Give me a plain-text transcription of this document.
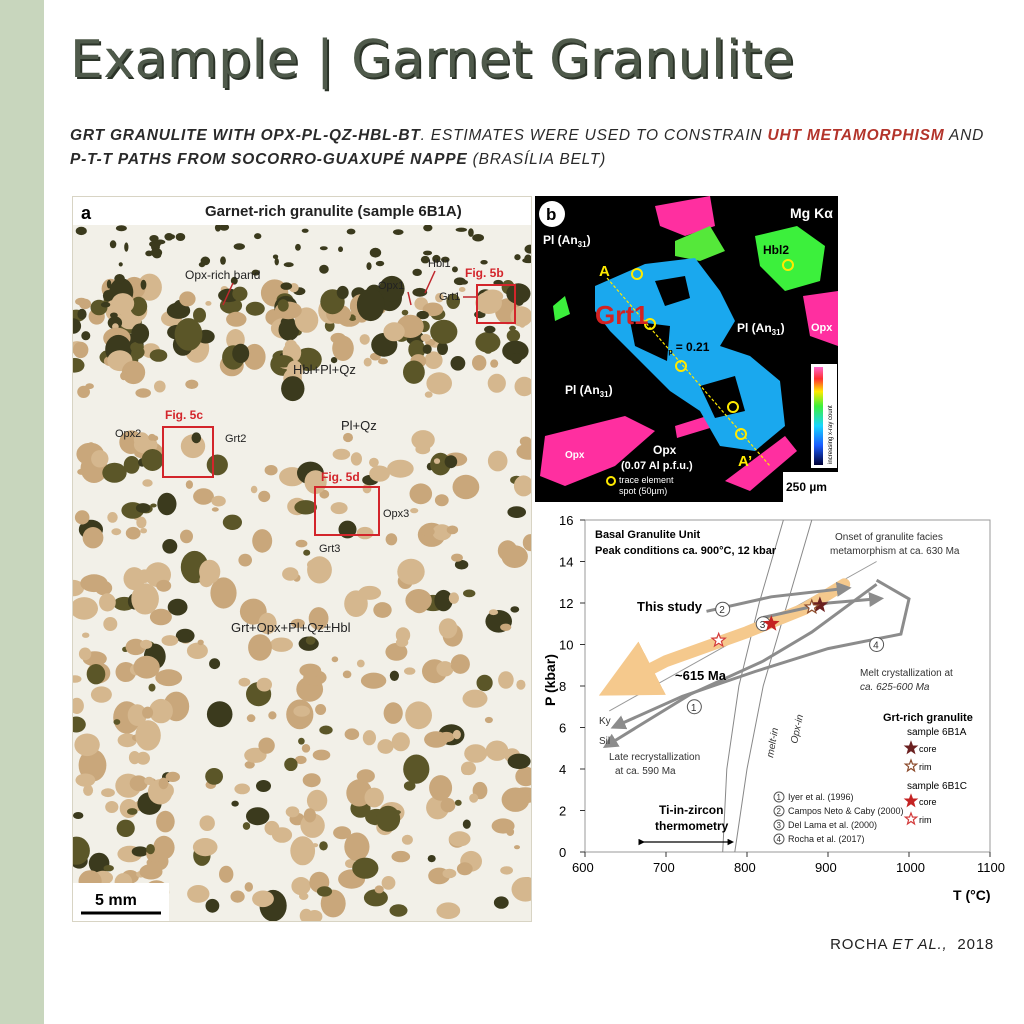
Example | Garnet Granulite
GRT GRANULITE WITH OPX-PL-QZ-HBL-BT. ESTIMATES WERE USED TO CONSTRAIN UHT METAMORPHISM AND P-T-T PATHS FROM SOCORRO-GUAXUPÉ NAPPE (BRASÍLIA BELT)
a	Garnet-rich granulite (sample 6B1A)
Opx-rich band
Hbl1
Opx1
Grt1
Fig. 5b
Hbl+Pl+Qz
Pl+Qz
Fig. 5c
Opx2	Grt2
Fig. 5d
Opx3
Grt3
Grt+Opx+Pl+Qz±Hbl
5 mm
b	Mg Kα
Grt1
Pl $(An_{31})$
Pl $(An_{31})$
Pl $(An_{31})$
Hbl2
Opx
Opx	Opx
A
A’
$X_{Prp} = 0.21$
(0.07 Al p.f.u.)
trace element
spot (50µm)	250 µm
increasing x-ray count
600	700	800	900	1000	1100
0
2
4
6
8
10
12
14
16
1
2
3
4
P (kbar)
T (°C)
Basal Granulite Unit
Peak conditions ca. 900°C, 12 kbar
Onset of granulite facies
metamorphism at ca. 630 Ma
This study
~615 Ma	Melt crystallization at
ca. 625-600 Ma
Late recrystallization
at ca. 590 Ma
Ky
Sil	melt-in Opx-in
Ti-in-zircon
thermometry
Grt-rich granulite
sample 6B1A
core
rim
sample 6B1C
core
rim
1 Iyer et al. (1996)
2 Campos Neto & Caby (2000)
3 Del Lama et al. (2000)
4 Rocha et al. (2017)
ROCHA ET AL., 2018
